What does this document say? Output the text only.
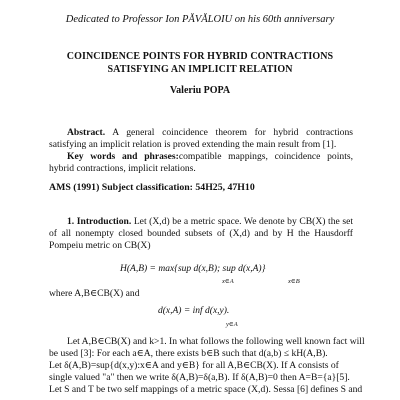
Dedicated to Professor Ion PĂVĂLOIU on his 60th anniversary
COINCIDENCE POINTS FOR HYBRID CONTRACTIONS
SATISFYING AN IMPLICIT RELATION
Valeriu POPA
Abstract. A general coincidence theorem for hybrid contractions satisfying an implicit relation is proved extending the main result from [1].
Key words and phrases:compatible mappings, coincidence points, hybrid contractions, implicit relations.
AMS (1991) Subject classification: 54H25, 47H10
1. Introduction. Let (X,d) be a metric space. We denote by CB(X) the set of all nonempty closed bounded subsets of (X,d) and by H the Hausdorff Pompeiu metric on CB(X)
H(A,B) = max{sup d(x,B); sup d(x,A)}
x∈A	x∈B
where A,B∈CB(X) and
d(x,A) = inf d(x,y).
y∈A
Let A,B∈CB(X) and k>1. In what follows the following well known fact will
be used [3]: For each a∈A, there exists b∈B such that d(a,b) ≤ kH(A,B).
Let δ(A,B)=sup{d(x,y):x∈A and y∈B} for all A,B∈CB(X). If A consists of
single valued "a" then we write δ(A,B)=δ(a,B). If δ(A,B)=0 then A=B={a}[5].
Let S and T be two self mappings of a metric space (X,d). Sessa [6] defines S and
